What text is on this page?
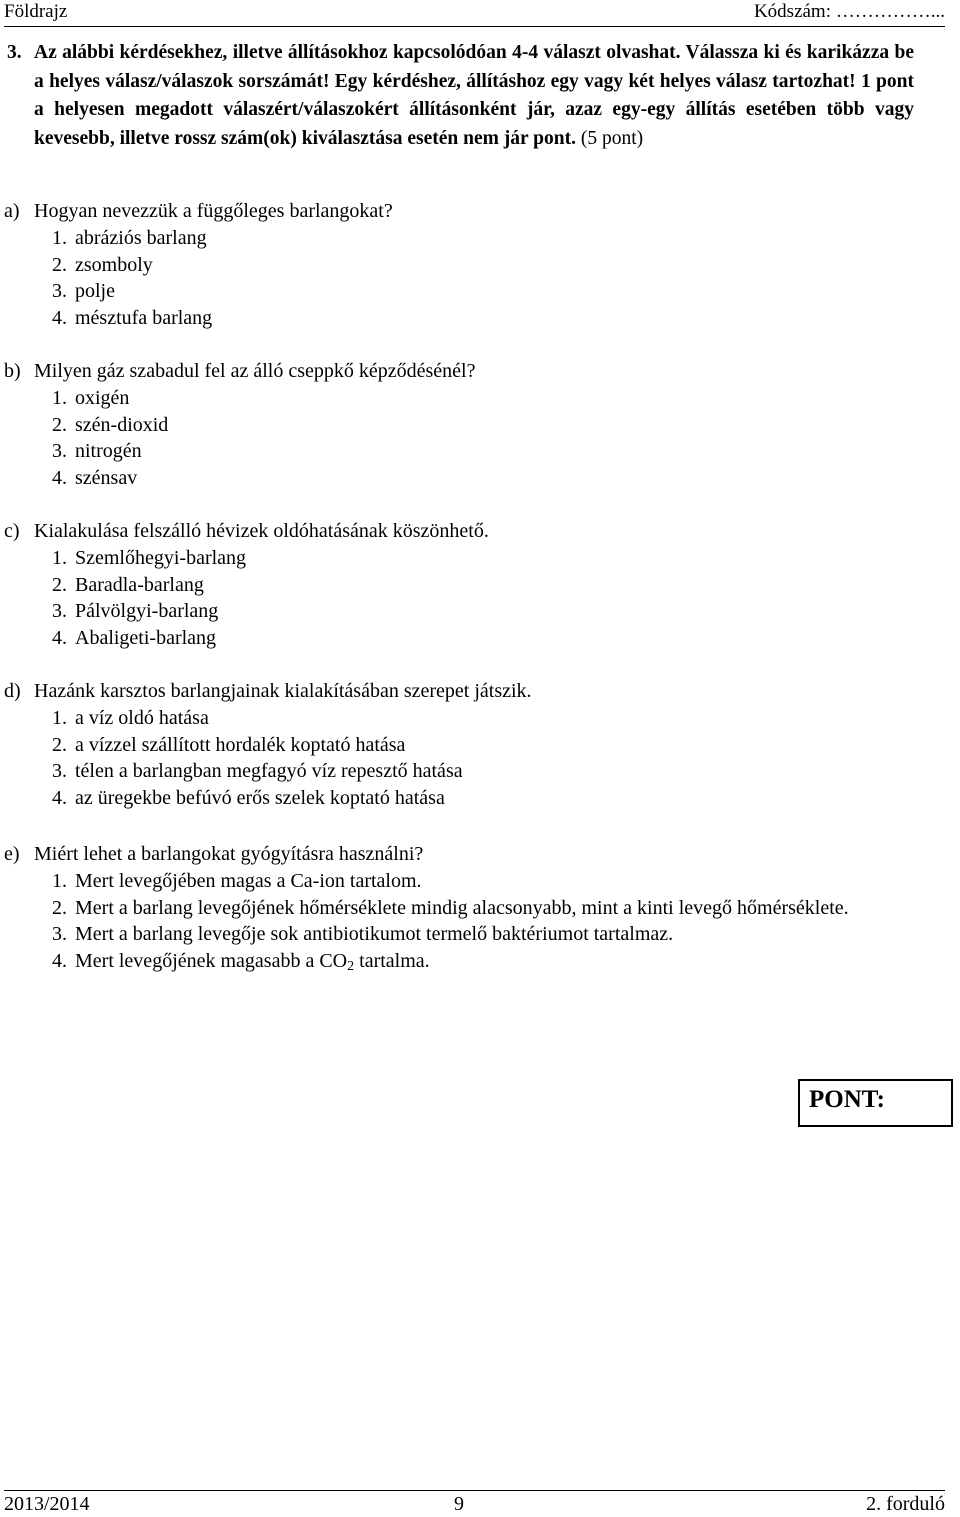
Földrajz	Kódszám: ……………...
3. Az alábbi kérdésekhez, illetve állításokhoz kapcsolódóan 4-4 választ olvashat. Válassza ki és karikázza be a helyes válasz/válaszok sorszámát! Egy kérdéshez, állításhoz egy vagy két helyes válasz tartozhat! 1 pont a helyesen megadott válaszért/válaszokért állításonként jár, azaz egy-egy állítás esetében több vagy kevesebb, illetve rossz szám(ok) kiválasztása esetén nem jár pont. (5 pont)
a) Hogyan nevezzük a függőleges barlangokat?
1. abráziós barlang
2. zsomboly
3. polje
4. mésztufa barlang
b) Milyen gáz szabadul fel az álló cseppkő képződésénél?
1. oxigén
2. szén-dioxid
3. nitrogén
4. szénsav
c) Kialakulása felszálló hévizek oldóhatásának köszönhető.
1. Szemlőhegyi-barlang
2. Baradla-barlang
3. Pálvölgyi-barlang
4. Abaligeti-barlang
d) Hazánk karsztos barlangjainak kialakításában szerepet játszik.
1. a víz oldó hatása
2. a vízzel szállított hordalék koptató hatása
3. télen a barlangban megfagyó víz repesztő hatása
4. az üregekbe befúvó erős szelek koptató hatása
e) Miért lehet a barlangokat gyógyításra használni?
1. Mert levegőjében magas a Ca-ion tartalom.
2. Mert a barlang levegőjének hőmérséklete mindig alacsonyabb, mint a kinti levegő hőmérséklete.
3. Mert a barlang levegője sok antibiotikumot termelő baktériumot tartalmaz.
4. Mert levegőjének magasabb a $CO_2$ tartalma.
PONT:
2013/2014	9	2. forduló
